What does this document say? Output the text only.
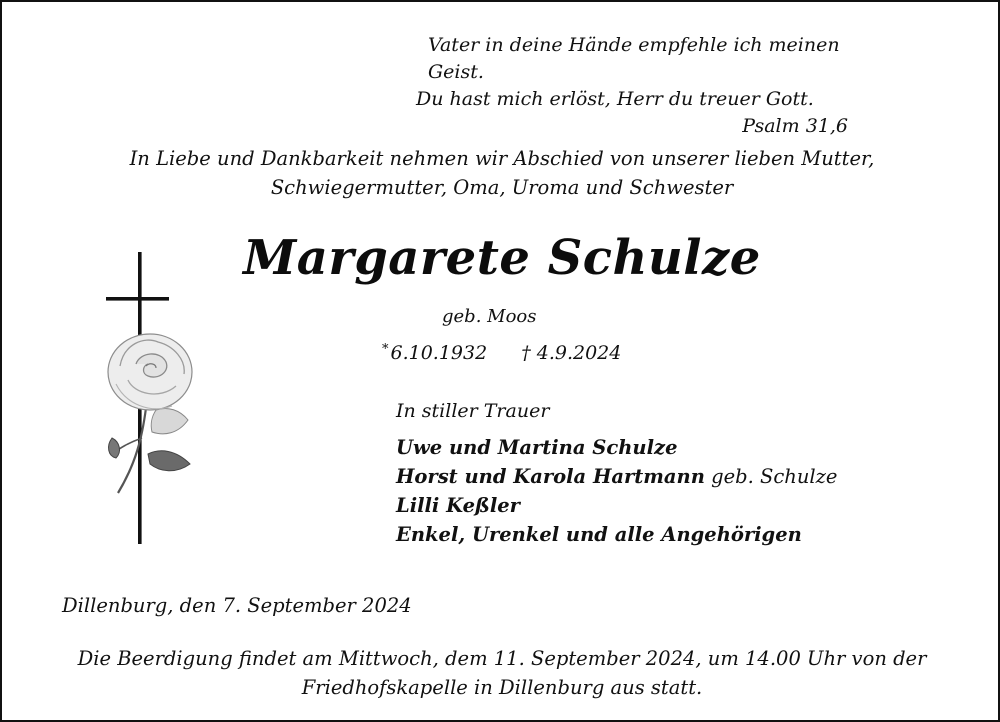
Vater in deine Hände empfehle ich meinen Geist.
Du hast mich erlöst, Herr du treuer Gott.
Psalm 31,6
In Liebe und Dankbarkeit nehmen wir Abschied von unserer lieben Mutter,
Schwiegermutter, Oma, Uroma und Schwester
Margarete Schulze
geb. Moos
* 6.10.1932 † 4.9.2024
In stiller Trauer
Uwe und Martina Schulze
Horst und Karola Hartmann geb. Schulze
Lilli Keßler
Enkel, Urenkel und alle Angehörigen
Dillenburg, den 7. September 2024
Die Beerdigung findet am Mittwoch, dem 11. September 2024, um 14.00 Uhr von der
Friedhofskapelle in Dillenburg aus statt.
